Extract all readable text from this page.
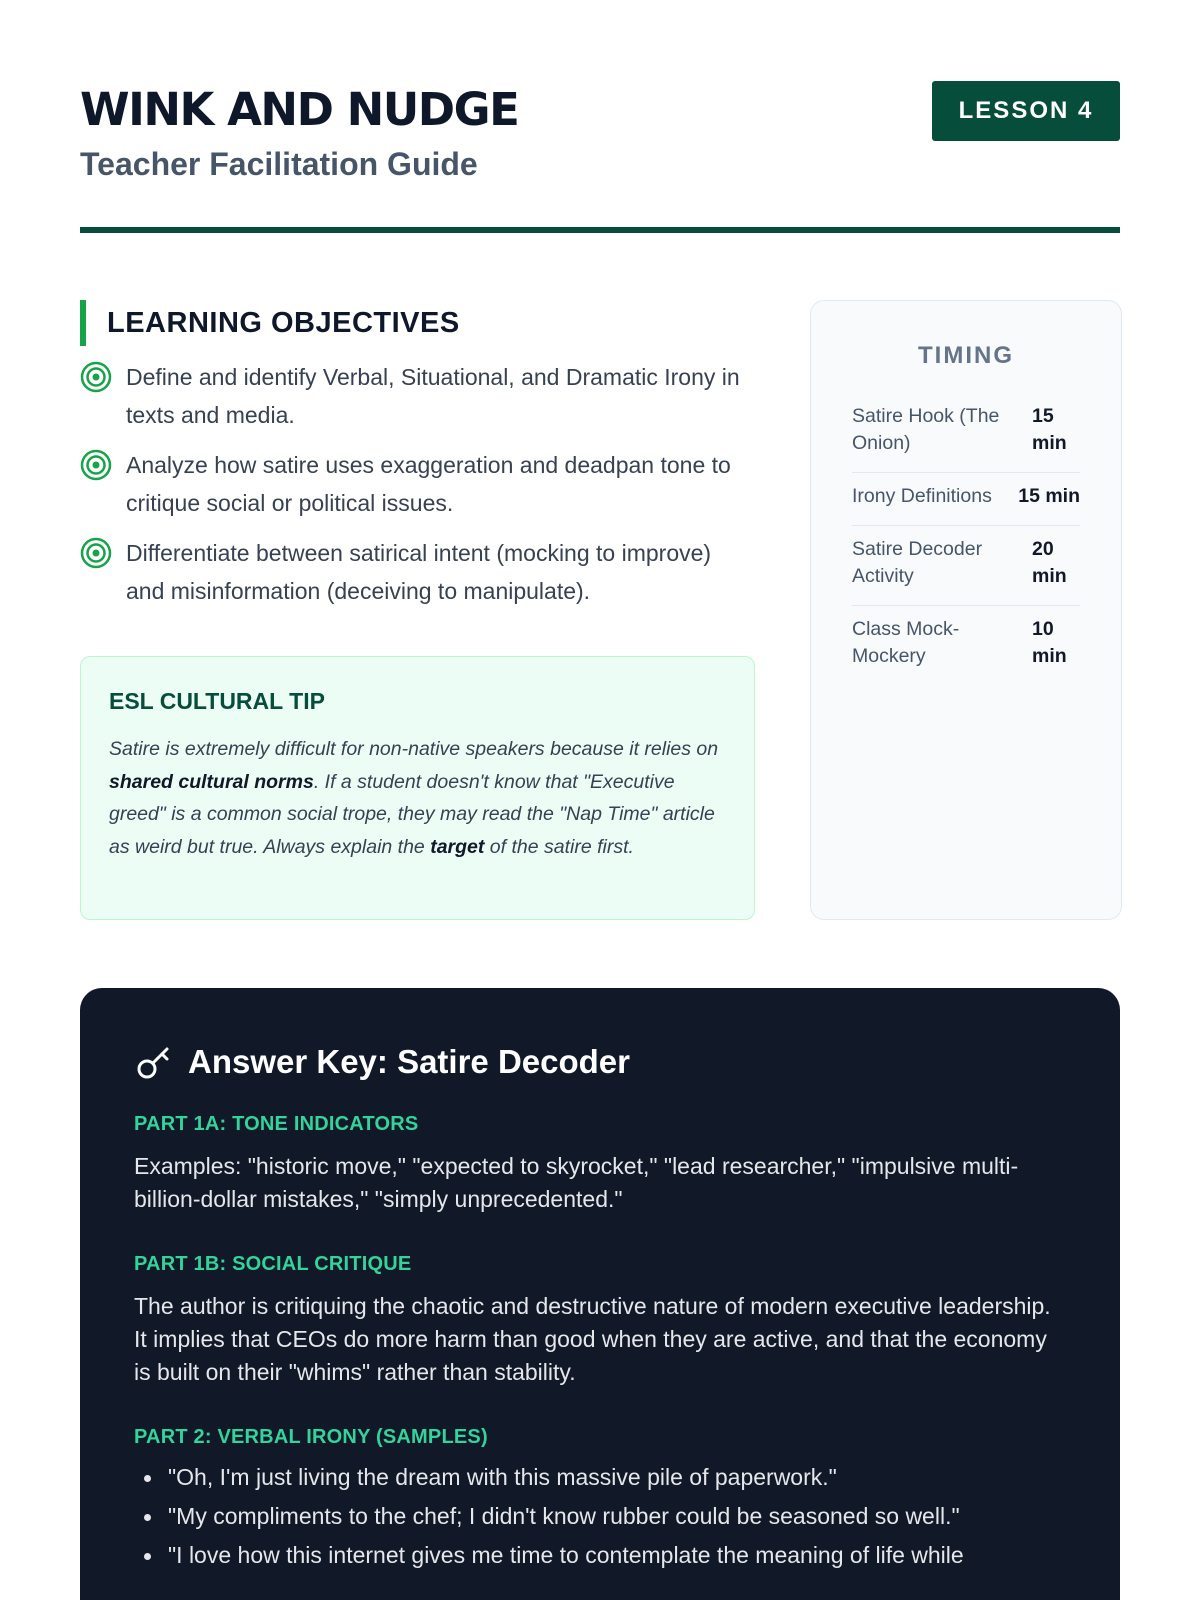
WINK AND NUDGE
Teacher Facilitation Guide
LESSON 4
LEARNING OBJECTIVES
Define and identify Verbal, Situational, and Dramatic Irony in texts and media.
Analyze how satire uses exaggeration and deadpan tone to critique social or political issues.
Differentiate between satirical intent (mocking to improve) and misinformation (deceiving to manipulate).
ESL CULTURAL TIP

Satire is extremely difficult for non-native speakers because it relies on shared cultural norms. If a student doesn't know that "Executive greed" is a common social trope, they may read the "Nap Time" article as weird but true. Always explain the target of the satire first.

TIMING
Satire Hook (The Onion)
15 min
Irony Definitions 15 min
Satire Decoder Activity
20 min
Class Mock-Mockery
10 min
Answer Key: Satire Decoder
PART 1A: TONE INDICATORS

Examples: "historic move," "expected to skyrocket," "lead researcher," "impulsive multi-billion-dollar mistakes," "simply unprecedented."

PART 1B: SOCIAL CRITIQUE

The author is critiquing the chaotic and destructive nature of modern executive leadership. It implies that CEOs do more harm than good when they are active, and that the economy is built on their "whims" rather than stability.

PART 2: VERBAL IRONY (SAMPLES)
"Oh, I'm just living the dream with this massive pile of paperwork."
"My compliments to the chef; I didn't know rubber could be seasoned so well."
"I love how this internet gives me time to contemplate the meaning of life while
